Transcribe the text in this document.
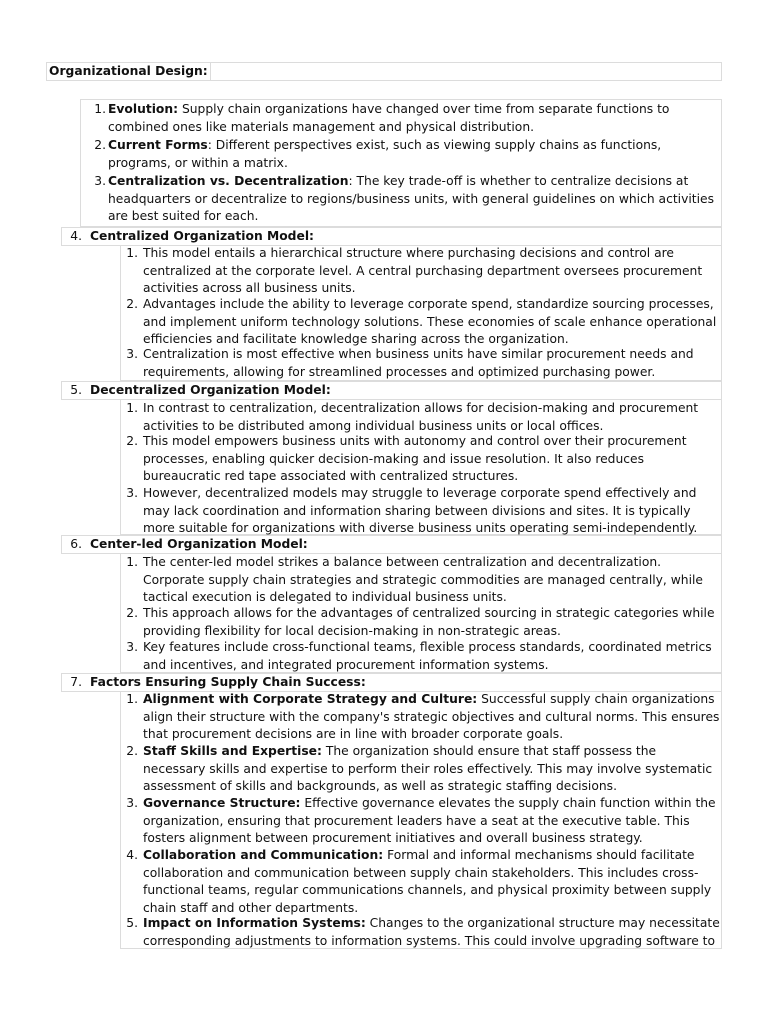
Organizational Design:
1. Evolution: Supply chain organizations have changed over time from separate functions to combined ones like materials management and physical distribution.
2. Current Forms: Different perspectives exist, such as viewing supply chains as functions, programs, or within a matrix.
3. Centralization vs. Decentralization: The key trade-off is whether to centralize decisions at headquarters or decentralize to regions/business units, with general guidelines on which activities are best suited for each.
4. Centralized Organization Model:
1. This model entails a hierarchical structure where purchasing decisions and control are centralized at the corporate level. A central purchasing department oversees procurement activities across all business units.
2. Advantages include the ability to leverage corporate spend, standardize sourcing processes, and implement uniform technology solutions. These economies of scale enhance operational efficiencies and facilitate knowledge sharing across the organization.
3. Centralization is most effective when business units have similar procurement needs and requirements, allowing for streamlined processes and optimized purchasing power.
5. Decentralized Organization Model:
1. In contrast to centralization, decentralization allows for decision-making and procurement activities to be distributed among individual business units or local offices.
2. This model empowers business units with autonomy and control over their procurement processes, enabling quicker decision-making and issue resolution. It also reduces bureaucratic red tape associated with centralized structures.
3. However, decentralized models may struggle to leverage corporate spend effectively and may lack coordination and information sharing between divisions and sites. It is typically more suitable for organizations with diverse business units operating semi-independently.
6. Center-led Organization Model:
1. The center-led model strikes a balance between centralization and decentralization. Corporate supply chain strategies and strategic commodities are managed centrally, while tactical execution is delegated to individual business units.
2. This approach allows for the advantages of centralized sourcing in strategic categories while providing flexibility for local decision-making in non-strategic areas.
3. Key features include cross-functional teams, flexible process standards, coordinated metrics and incentives, and integrated procurement information systems.
7. Factors Ensuring Supply Chain Success:
1. Alignment with Corporate Strategy and Culture: Successful supply chain organizations align their structure with the company's strategic objectives and cultural norms. This ensures that procurement decisions are in line with broader corporate goals.
2. Staff Skills and Expertise: The organization should ensure that staff possess the necessary skills and expertise to perform their roles effectively. This may involve systematic assessment of skills and backgrounds, as well as strategic staffing decisions.
3. Governance Structure: Effective governance elevates the supply chain function within the organization, ensuring that procurement leaders have a seat at the executive table. This fosters alignment between procurement initiatives and overall business strategy.
4. Collaboration and Communication: Formal and informal mechanisms should facilitate collaboration and communication between supply chain stakeholders. This includes cross-functional teams, regular communications channels, and physical proximity between supply chain staff and other departments.
5. Impact on Information Systems: Changes to the organizational structure may necessitate corresponding adjustments to information systems. This could involve upgrading software to
